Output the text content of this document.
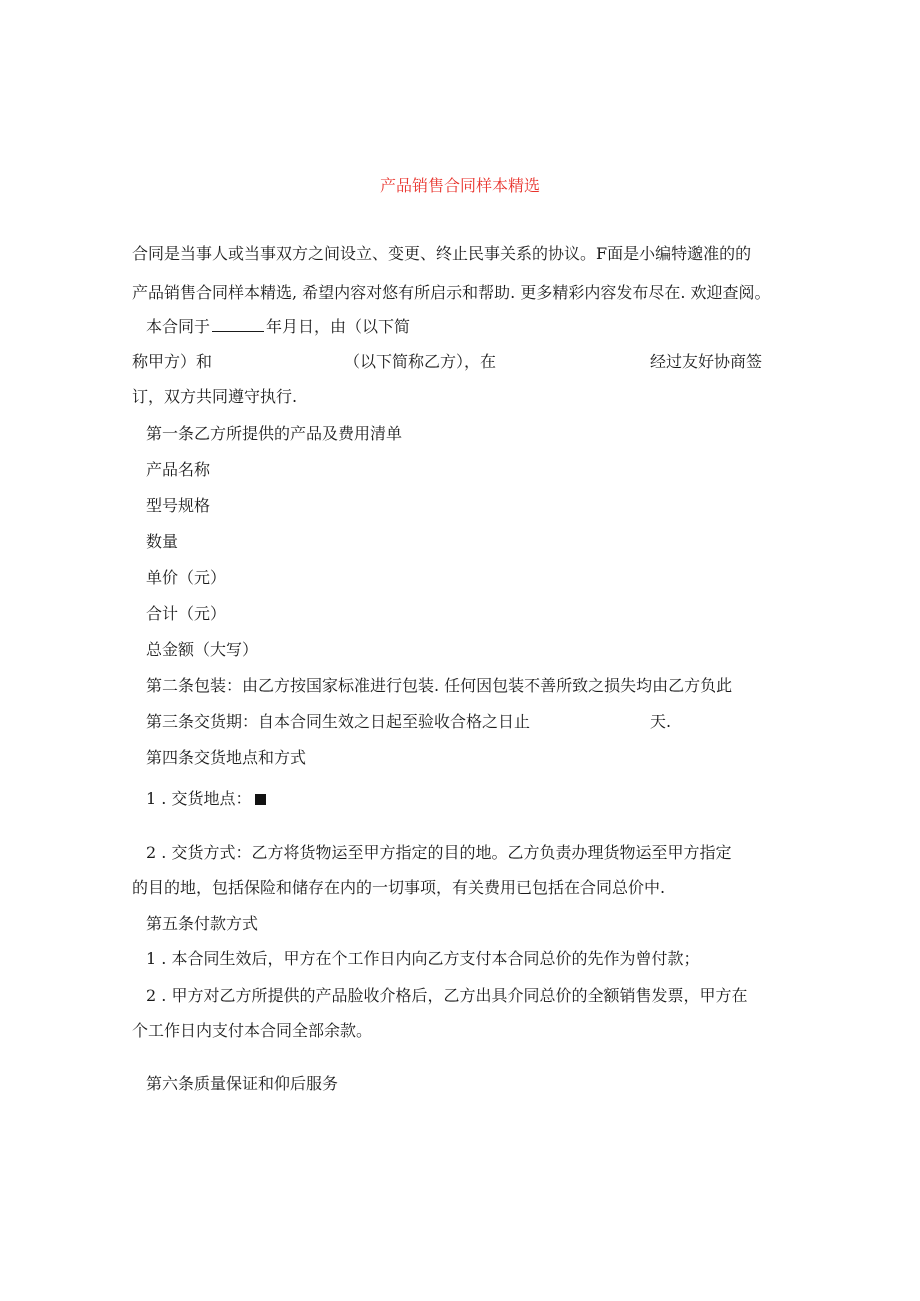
产品销售合同样本精选
合同是当事人或当事双方之间设立、变更、终止民事关系的协议。F面是小编特邈准的的
产品销售合同样本精选, 希望内容对悠有所启示和帮助. 更多精彩内容发布尽在. 欢迎查阅。
本合同于	年月日，由（以下简
称甲方）和	（以下简称乙方），在	经过友好协商签
订，双方共同遵守执行.
第一条乙方所提供的产品及费用清单
产品名称
型号规格
数量
单价（元）
合计（元）
总金额（大写）
第二条包装：由乙方按国家标准进行包装. 任何因包装不善所致之损失均由乙方负此
第三条交货期：自本合同生效之日起至验收合格之日止	天.
第四条交货地点和方式
1 . 交货地点：
2 . 交货方式：乙方将货物运至甲方指定的目的地。乙方负责办理货物运至甲方指定
的目的地，包括保险和储存在内的一切事项，有关费用已包括在合同总价中.
第五条付款方式
1 . 本合同生效后，甲方在个工作日内向乙方支付本合同总价的先作为曾付款；
2 . 甲方对乙方所提供的产品脸收介格后，乙方出具介同总价的全额销售发票，甲方在
个工作日内支付本合同全部余款。
第六条质量保证和仰后服务
